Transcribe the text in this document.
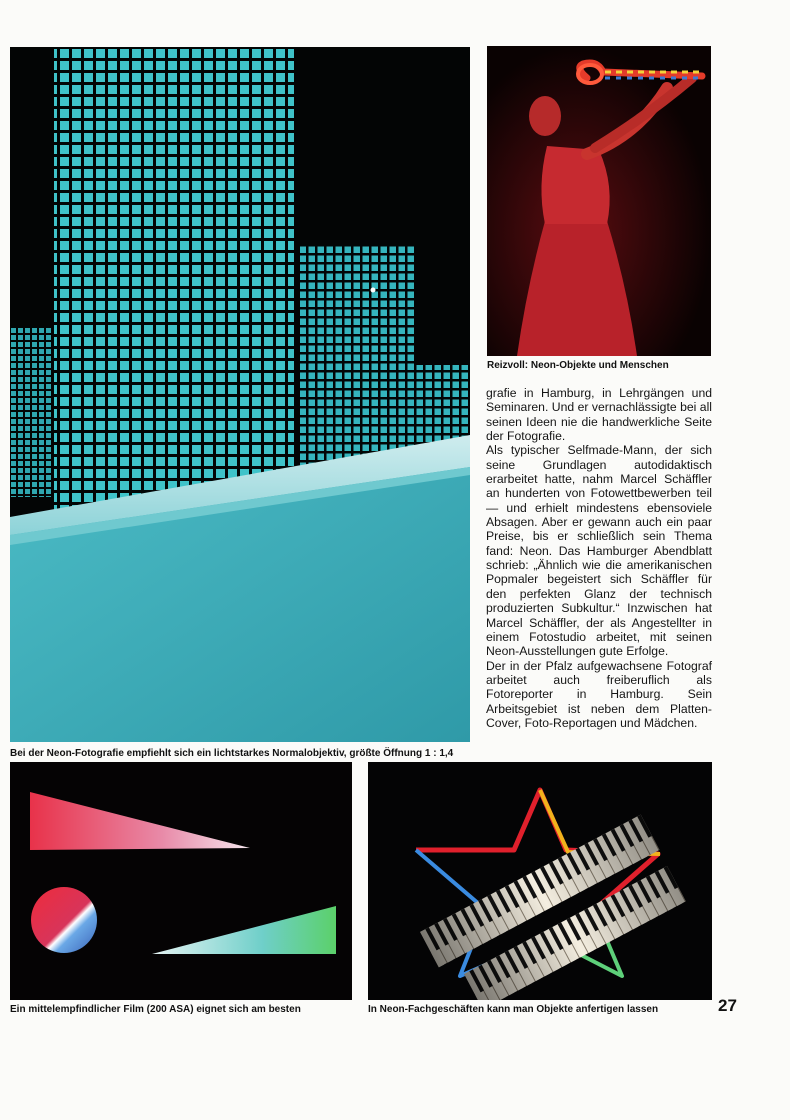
Reizvoll: Neon-Objekte und Menschen

grafie in Hamburg, in Lehrgängen und Seminaren. Und er vernachlässigte bei all seinen Ideen nie die handwerkliche Seite der Fotografie.

Als typischer Selfmade-Mann, der sich seine Grundlagen autodidaktisch erarbeitet hatte, nahm Marcel Schäffler an hunderten von Fotowettbewerben teil — und erhielt mindestens ebensoviele Absagen. Aber er gewann auch ein paar Preise, bis er schließlich sein Thema fand: Neon. Das Hamburger Abendblatt schrieb: „Ähnlich wie die amerikanischen Popmaler begeistert sich Schäffler für den perfekten Glanz der technisch produzierten Subkultur.“ Inzwischen hat Marcel Schäffler, der als Angestellter in einem Fotostudio arbeitet, mit seinen Neon-Ausstellungen gute Erfolge.

Der in der Pfalz aufgewachsene Fotograf arbeitet auch freiberuflich als Fotoreporter in Hamburg. Sein Arbeitsgebiet ist neben dem Platten-Cover, Foto-Reportagen und Mädchen.

Bei der Neon-Fotografie empfiehlt sich ein lichtstarkes Normalobjektiv, größte Öffnung 1 : 1,4
Ein mittelempfindlicher Film (200 ASA) eignet sich am besten	In Neon-Fachgeschäften kann man Objekte anfertigen lassen	27
